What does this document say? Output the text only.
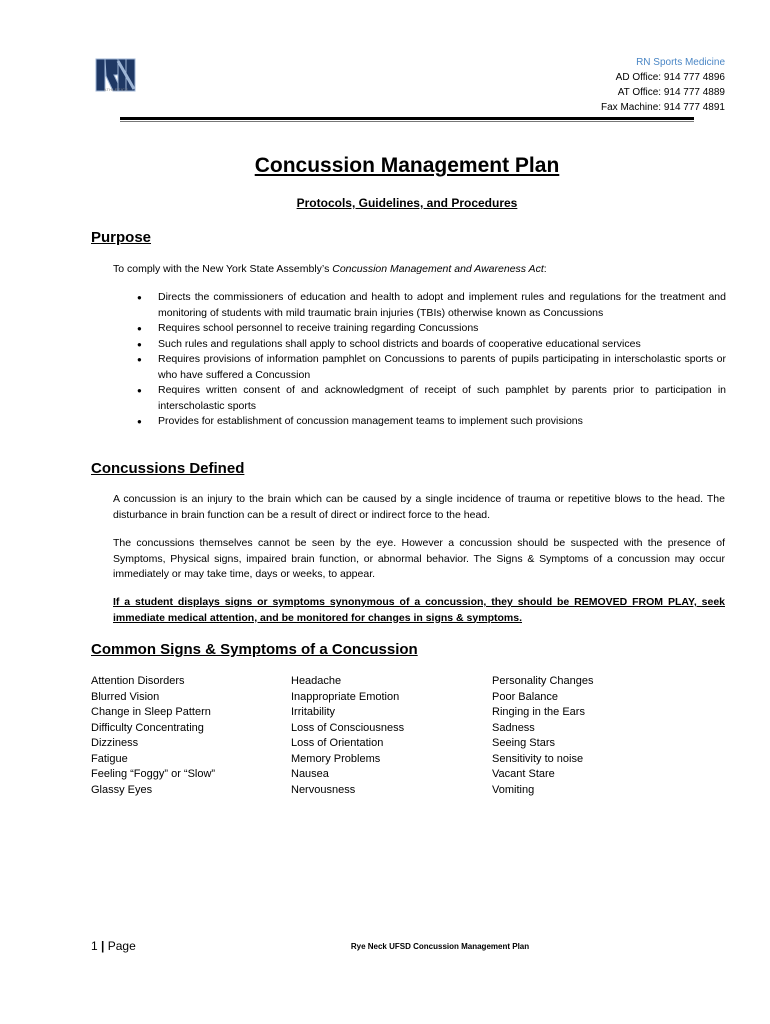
ATHLETICS
RN Sports Medicine
AD Office: 914 777 4896
AT Office: 914 777 4889
Fax Machine: 914 777 4891
Concussion Management Plan
Protocols, Guidelines, and Procedures
Purpose
To comply with the New York State Assembly’s Concussion Management and Awareness Act:
● Directs the commissioners of education and health to adopt and implement rules and regulations for the treatment and monitoring of students with mild traumatic brain injuries (TBIs) otherwise known as Concussions
● Requires school personnel to receive training regarding Concussions
● Such rules and regulations shall apply to school districts and boards of cooperative educational services
● Requires provisions of information pamphlet on Concussions to parents of pupils participating in interscholastic sports or who have suffered a Concussion
● Requires written consent of and acknowledgment of receipt of such pamphlet by parents prior to participation in interscholastic sports
● Provides for establishment of concussion management teams to implement such provisions
Concussions Defined
A concussion is an injury to the brain which can be caused by a single incidence of trauma or repetitive blows to the head. The disturbance in brain function can be a result of direct or indirect force to the head.
The concussions themselves cannot be seen by the eye. However a concussion should be suspected with the presence of Symptoms, Physical signs, impaired brain function, or abnormal behavior. The Signs & Symptoms of a concussion may occur immediately or may take time, days or weeks, to appear.
If a student displays signs or symptoms synonymous of a concussion, they should be REMOVED FROM PLAY, seek immediate medical attention, and be monitored for changes in signs & symptoms.
Common Signs & Symptoms of a Concussion
Attention Disorders
Blurred Vision
Change in Sleep Pattern
Difficulty Concentrating
Dizziness
Fatigue
Feeling “Foggy” or “Slow”
Glassy Eyes
Headache
Inappropriate Emotion
Irritability
Loss of Consciousness
Loss of Orientation
Memory Problems
Nausea
Nervousness
Personality Changes
Poor Balance
Ringing in the Ears
Sadness
Seeing Stars
Sensitivity to noise
Vacant Stare
Vomiting
1 | Page	Rye Neck UFSD Concussion Management Plan
